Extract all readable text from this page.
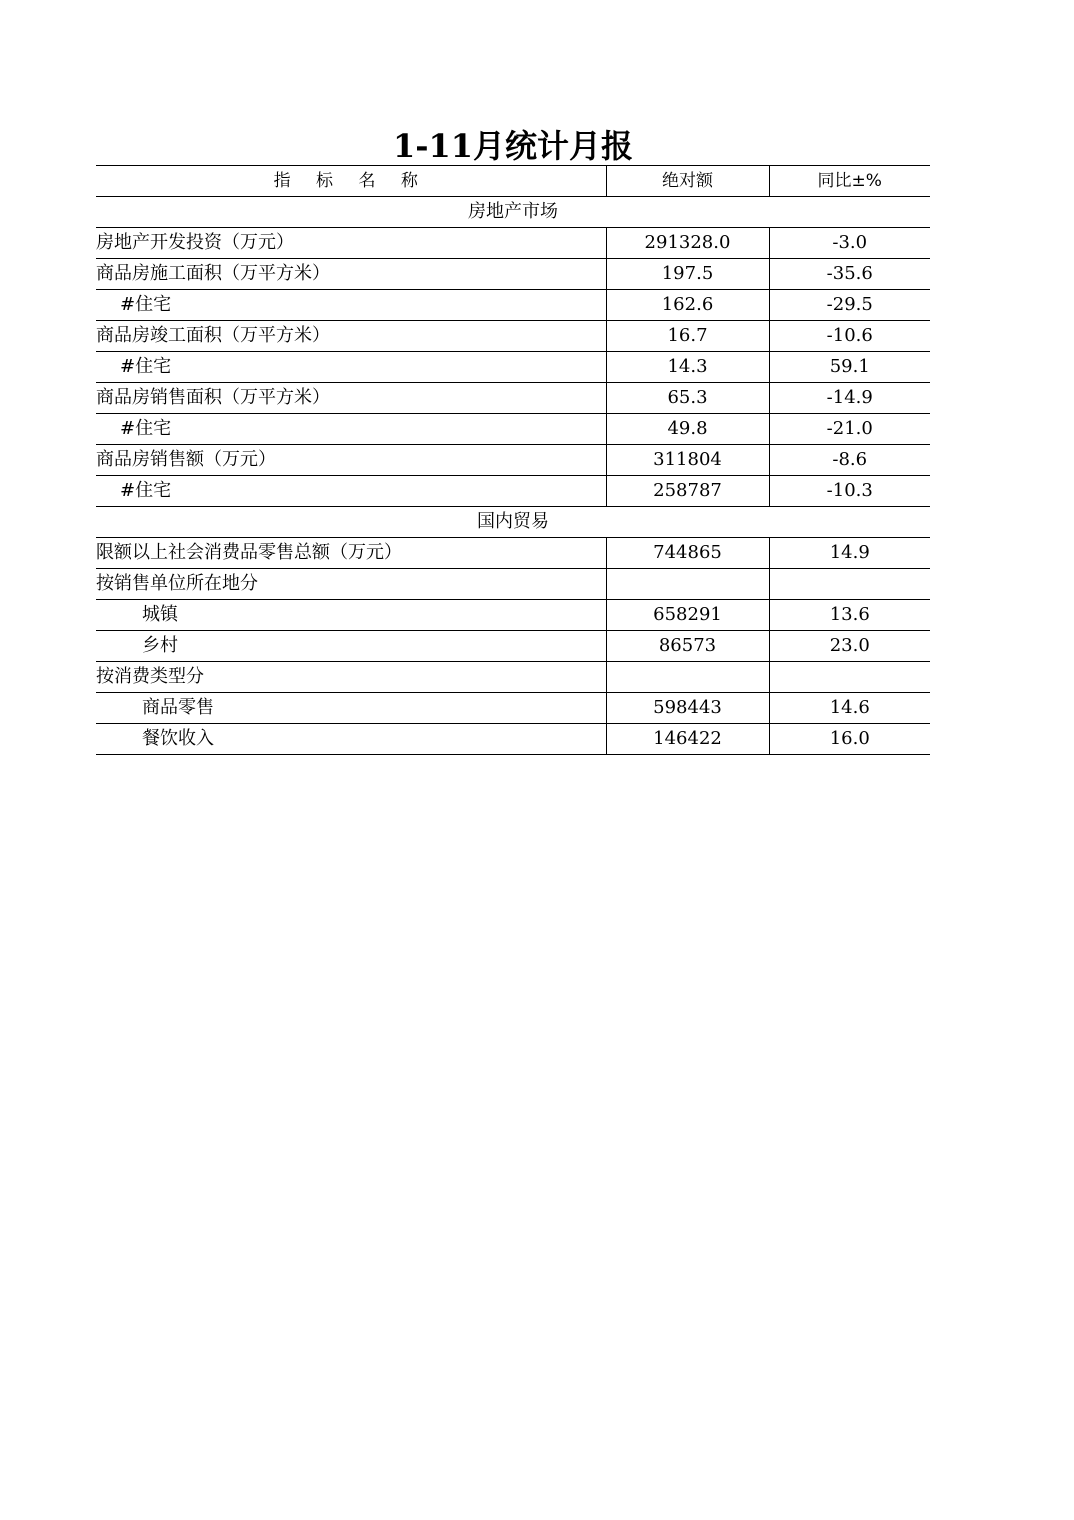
1-11月统计月报
指 标 名 称	绝对额	同比±%
房地产市场		
房地产开发投资（万元）	291328.0	-3.0
商品房施工面积（万平方米）	197.5	-35.6
#住宅	162.6	-29.5
商品房竣工面积（万平方米）	16.7	-10.6
#住宅	14.3	59.1
商品房销售面积（万平方米）	65.3	-14.9
#住宅	49.8	-21.0
商品房销售额（万元）	311804	-8.6
#住宅	258787	-10.3
国内贸易		
限额以上社会消费品零售总额（万元）	744865	14.9
按销售单位所在地分		
城镇	658291	13.6
乡村	86573	23.0
按消费类型分		
商品零售	598443	14.6
餐饮收入	146422	16.0
